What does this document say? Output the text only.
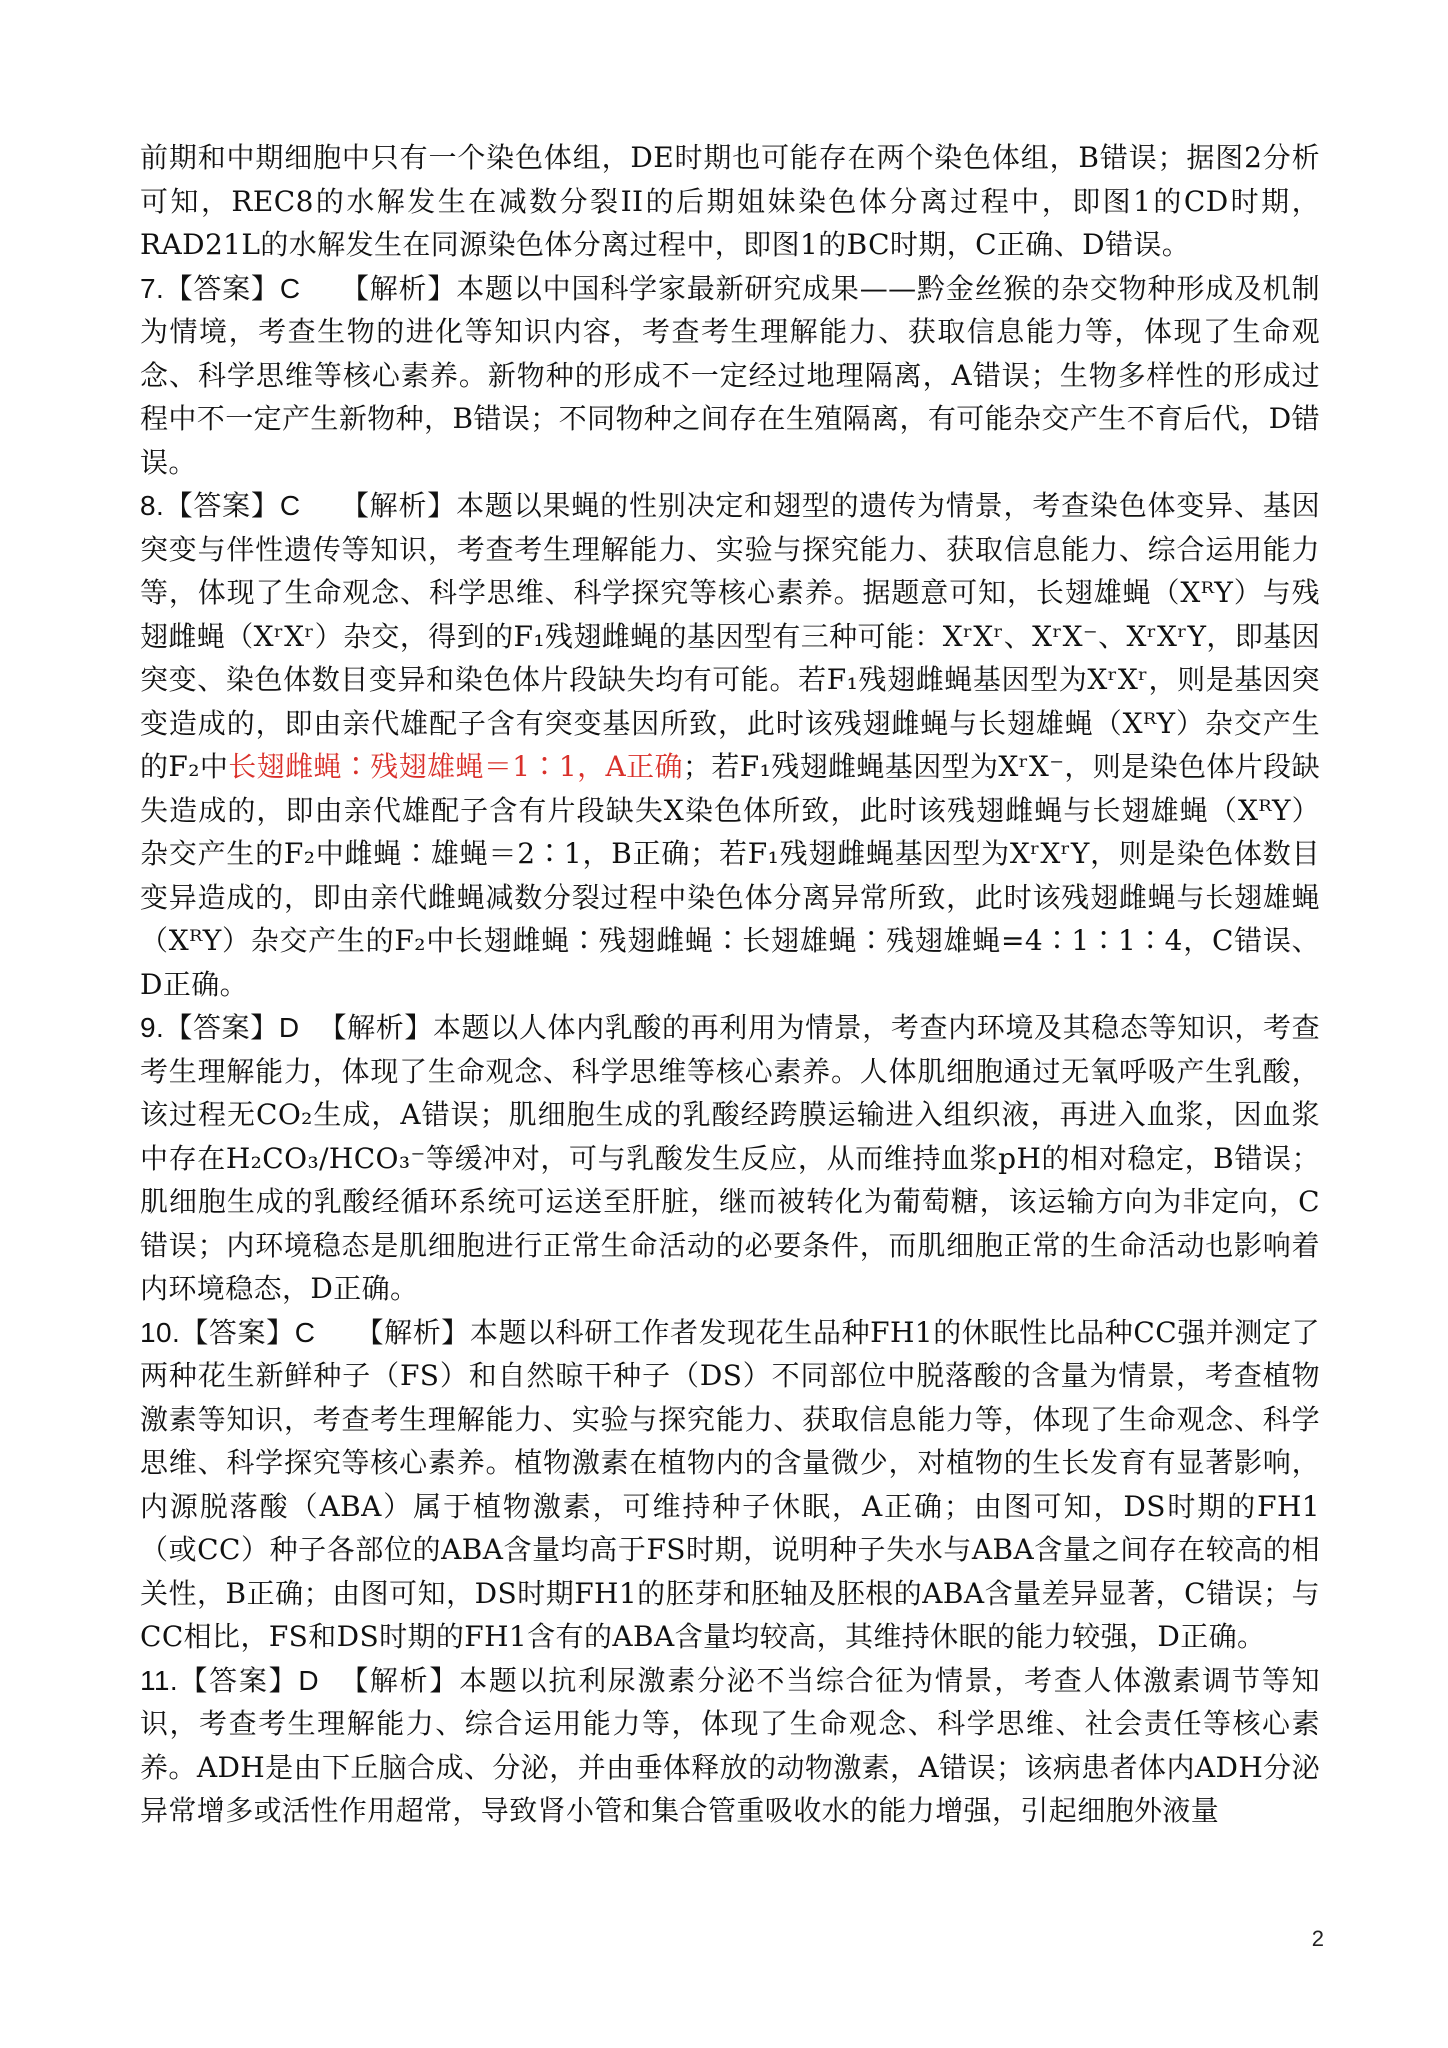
前期和中期细胞中只有一个染色体组，DE时期也可能存在两个染色体组，B错误；据图2分析可知，REC8的水解发生在减数分裂II的后期姐妹染色体分离过程中，即图1的CD时期，RAD21L的水解发生在同源染色体分离过程中，即图1的BC时期，C正确、D错误。

7.【答案】C 【解析】本题以中国科学家最新研究成果——黔金丝猴的杂交物种形成及机制为情境，考查生物的进化等知识内容，考查考生理解能力、获取信息能力等，体现了生命观念、科学思维等核心素养。新物种的形成不一定经过地理隔离，A错误；生物多样性的形成过程中不一定产生新物种，B错误；不同物种之间存在生殖隔离，有可能杂交产生不育后代，D错误。

8.【答案】C 【解析】本题以果蝇的性别决定和翅型的遗传为情景，考查染色体变异、基因突变与伴性遗传等知识，考查考生理解能力、实验与探究能力、获取信息能力、综合运用能力等，体现了生命观念、科学思维、科学探究等核心素养。据题意可知，长翅雄蝇（XᴿY）与残翅雌蝇（XʳXʳ）杂交，得到的F₁残翅雌蝇的基因型有三种可能：XʳXʳ、XʳX⁻、XʳXʳY，即基因突变、染色体数目变异和染色体片段缺失均有可能。若F₁残翅雌蝇基因型为XʳXʳ，则是基因突变造成的，即由亲代雄配子含有突变基因所致，此时该残翅雌蝇与长翅雄蝇（XᴿY）杂交产生的F₂中长翅雌蝇∶残翅雄蝇＝1∶1，A正确；若F₁残翅雌蝇基因型为XʳX⁻，则是染色体片段缺失造成的，即由亲代雄配子含有片段缺失X染色体所致，此时该残翅雌蝇与长翅雄蝇（XᴿY）杂交产生的F₂中雌蝇∶雄蝇＝2∶1，B正确；若F₁残翅雌蝇基因型为XʳXʳY，则是染色体数目变异造成的，即由亲代雌蝇减数分裂过程中染色体分离异常所致，此时该残翅雌蝇与长翅雄蝇（XᴿY）杂交产生的F₂中长翅雌蝇∶残翅雌蝇∶长翅雄蝇∶残翅雄蝇=4∶1∶1∶4，C错误、D正确。

9.【答案】D 【解析】本题以人体内乳酸的再利用为情景，考查内环境及其稳态等知识，考查考生理解能力，体现了生命观念、科学思维等核心素养。人体肌细胞通过无氧呼吸产生乳酸，该过程无CO₂生成，A错误；肌细胞生成的乳酸经跨膜运输进入组织液，再进入血浆，因血浆中存在H₂CO₃/HCO₃⁻等缓冲对，可与乳酸发生反应，从而维持血浆pH的相对稳定，B错误；肌细胞生成的乳酸经循环系统可运送至肝脏，继而被转化为葡萄糖，该运输方向为非定向，C错误；内环境稳态是肌细胞进行正常生命活动的必要条件，而肌细胞正常的生命活动也影响着内环境稳态，D正确。

10.【答案】C 【解析】本题以科研工作者发现花生品种FH1的休眠性比品种CC强并测定了两种花生新鲜种子（FS）和自然晾干种子（DS）不同部位中脱落酸的含量为情景，考查植物激素等知识，考查考生理解能力、实验与探究能力、获取信息能力等，体现了生命观念、科学思维、科学探究等核心素养。植物激素在植物内的含量微少，对植物的生长发育有显著影响，内源脱落酸（ABA）属于植物激素，可维持种子休眠，A正确；由图可知，DS时期的FH1（或CC）种子各部位的ABA含量均高于FS时期，说明种子失水与ABA含量之间存在较高的相关性，B正确；由图可知，DS时期FH1的胚芽和胚轴及胚根的ABA含量差异显著，C错误；与CC相比，FS和DS时期的FH1含有的ABA含量均较高，其维持休眠的能力较强，D正确。

11.【答案】D 【解析】本题以抗利尿激素分泌不当综合征为情景，考查人体激素调节等知识，考查考生理解能力、综合运用能力等，体现了生命观念、科学思维、社会责任等核心素养。ADH是由下丘脑合成、分泌，并由垂体释放的动物激素，A错误；该病患者体内ADH分泌异常增多或活性作用超常，导致肾小管和集合管重吸收水的能力增强，引起细胞外液量

2
